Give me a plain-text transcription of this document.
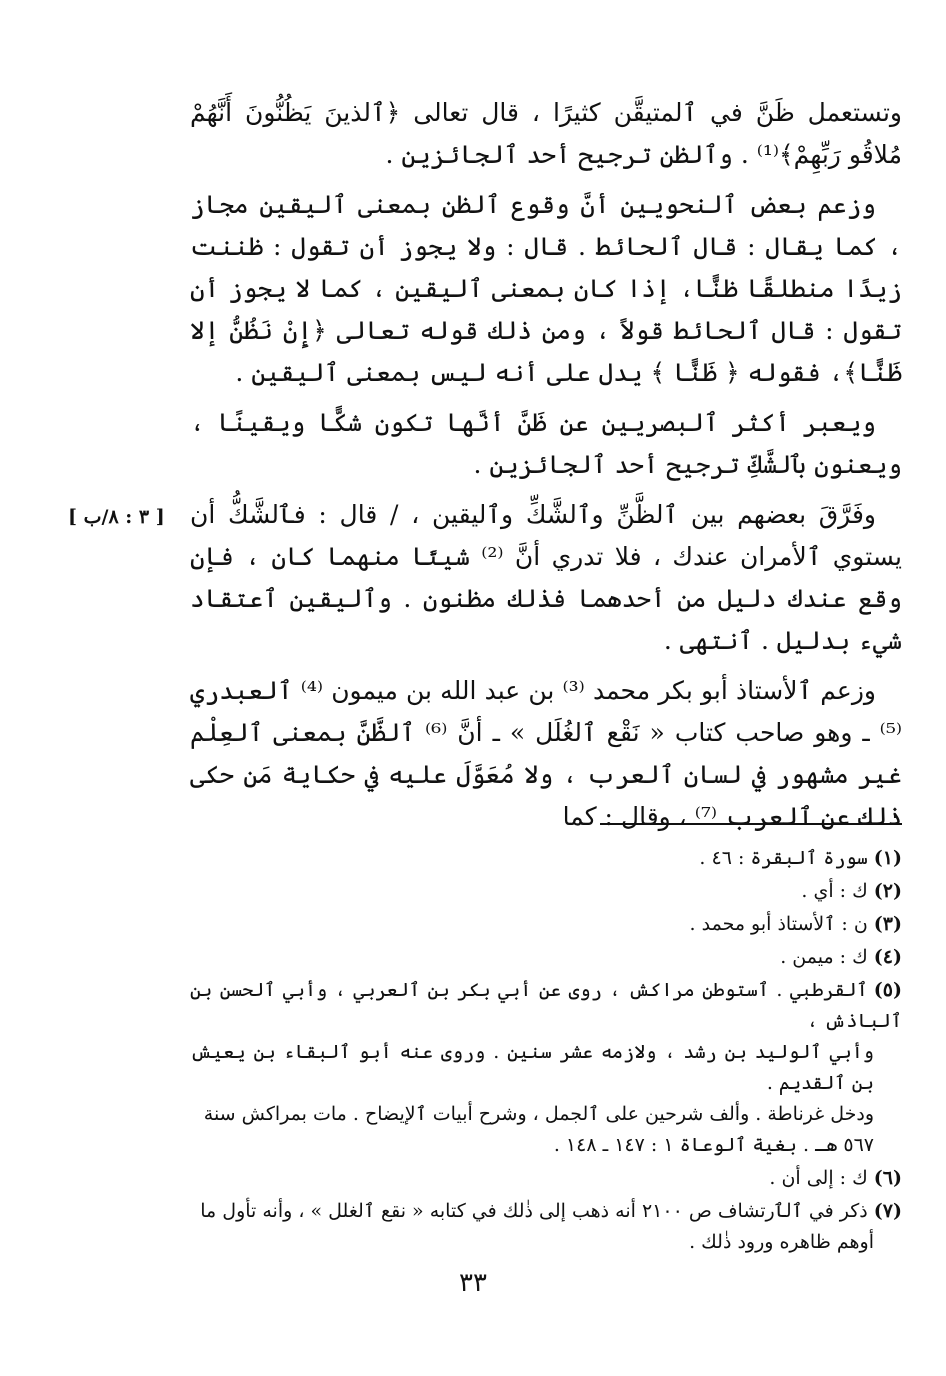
وتستعمل ظَنَّ في ٱلمتيقَّن كثيرًا ، قال تعالى ﴿ٱلذينَ يَظُنُّونَ أَنَّهُمْ مُلاقُو رَبِّهِمْ﴾⁽¹⁾ . وٱلظن ترجيح أحد ٱلجائزين .

وزعم بعض ٱلنحويين أنَّ وقوع ٱلظن بمعنى ٱليقين مجاز ، كما يقال : قال ٱلحائط . قال : ولا يجوز أن تقول : ظننت زيدًا منطلقًا ظنًّا، إذا كان بمعنى ٱليقين ، كما لا يجوز أن تقول : قال ٱلحائط قولاً ، ومن ذٰلك قوله تعالى ﴿إِنْ نَظُنُّ إلا ظَنًّا﴾، فقوله ﴿ ظَنًّا ﴾ يدل على أنه ليس بمعنى ٱليقين .

ويعبر أكثر ٱلبصريين عن ظَنَّ أنَّها تكون شكًّا ويقينًا ، ويعنون بٱلشَّكِّ ترجيح أحد ٱلجائزين .

وفَرَّقَ بعضهم بين ٱلظَّنِّ وٱلشَّكِّ وٱليقين ، / قال : فٱلشَّكُّ أن يستوي ٱلأمران عندك ، فلا تدري أنَّ ⁽²⁾ شيئًا منهما كان ، فإن وقع عندك دليل من أحدهما فذٰلك مظنون . وٱليقين ٱعتقاد شيء بدليل . ٱنتهى .

وزعم ٱلأستاذ أبو بكر محمد ⁽³⁾ بن عبد الله بن ميمون ⁽⁴⁾ ٱلعبدري ⁽⁵⁾ ـ وهو صاحب كتاب « نَقْع ٱلغُلَل » ـ أنَّ ⁽⁶⁾ ٱلظَّنَّ بمعنى ٱلعِلْم غير مشهور في لسان ٱلعرب ، ولا مُعَوَّلَ عليه في حكاية مَن حكى ذٰلك عن ٱلعرب ⁽⁷⁾ ، وقال : كما

[ ٣ : ٨/ب ]
(١)سورة ٱلبقرة : ٤٦ .
(٢)ك : أي .
(٣)ن : ٱلأستاذ أبو محمد .
(٤)ك : ميمن .
(٥)ٱلقرطبي . ٱستوطن مراكش ، روى عن أبي بكر بن ٱلعربي ، وأبي ٱلحسن بن ٱلباذش ،
وأبي ٱلوليد بن رشد ، ولازمه عشر سنين . وروى عنه أبو ٱلبقاء بن يعيش بن ٱلقديم .
ودخل غرناطة . وألف شرحين على ٱلجمل ، وشرح أبيات ٱلإيضاح . مات بمراكش سنة
٥٦٧ هـ . بغية ٱلوعاة ١ : ١٤٧ ـ ١٤٨ .
(٦)ك : إلى أن .
(٧)ذكر في ٱلٱرتشاف ص ٢١٠٠ أنه ذهب إلى ذٰلك في كتابه « نقع ٱلغلل » ، وأنه تأول ما
أوهم ظاهره ورود ذٰلك .
٣٣
